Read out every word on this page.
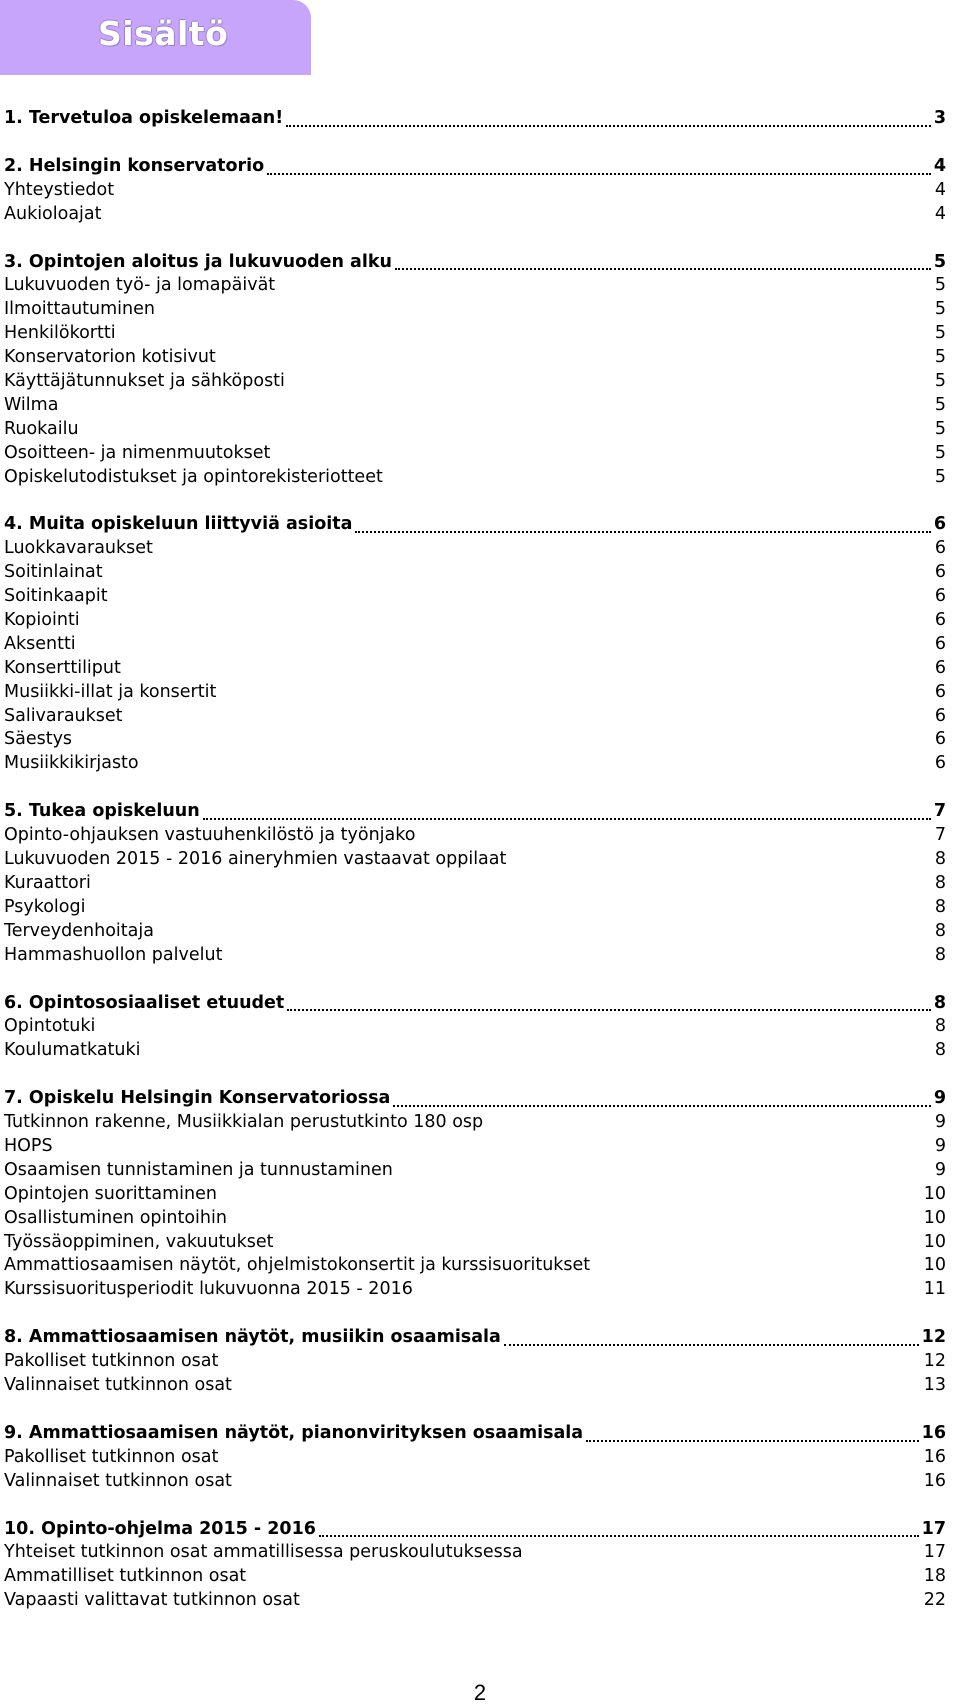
Sisältö
1. Tervetuloa opiskelemaan!	3
2. Helsingin konservatorio	4
Yhteystiedot	4
Aukioloajat	4
3. Opintojen aloitus ja lukuvuoden alku	5
Lukuvuoden työ- ja lomapäivät	5
Ilmoittautuminen	5
Henkilökortti	5
Konservatorion kotisivut	5
Käyttäjätunnukset ja sähköposti	5
Wilma	5
Ruokailu	5
Osoitteen- ja nimenmuutokset	5
Opiskelutodistukset ja opintorekisteriotteet	5
4. Muita opiskeluun liittyviä asioita	6
Luokkavaraukset	6
Soitinlainat	6
Soitinkaapit	6
Kopiointi	6
Aksentti	6
Konserttiliput	6
Musiikki-illat ja konsertit	6
Salivaraukset	6
Säestys	6
Musiikkikirjasto	6
5. Tukea opiskeluun	7
Opinto-ohjauksen vastuuhenkilöstö ja työnjako	7
Lukuvuoden 2015 - 2016 aineryhmien vastaavat oppilaat	8
Kuraattori	8
Psykologi	8
Terveydenhoitaja	8
Hammashuollon palvelut	8
6. Opintososiaaliset etuudet	8
Opintotuki	8
Koulumatkatuki	8
7. Opiskelu Helsingin Konservatoriossa	9
Tutkinnon rakenne, Musiikkialan perustutkinto 180 osp	9
HOPS	9
Osaamisen tunnistaminen ja tunnustaminen	9
Opintojen suorittaminen	10
Osallistuminen opintoihin	10
Työssäoppiminen, vakuutukset	10
Ammattiosaamisen näytöt, ohjelmistokonsertit ja kurssisuoritukset	10
Kurssisuoritusperiodit lukuvuonna 2015 - 2016	11
8. Ammattiosaamisen näytöt, musiikin osaamisala	12
Pakolliset tutkinnon osat	12
Valinnaiset tutkinnon osat	13
9. Ammattiosaamisen näytöt, pianonvirityksen osaamisala	16
Pakolliset tutkinnon osat	16
Valinnaiset tutkinnon osat	16
10. Opinto-ohjelma 2015 - 2016	17
Yhteiset tutkinnon osat ammatillisessa peruskoulutuksessa	17
Ammatilliset tutkinnon osat	18
Vapaasti valittavat tutkinnon osat	22
2
